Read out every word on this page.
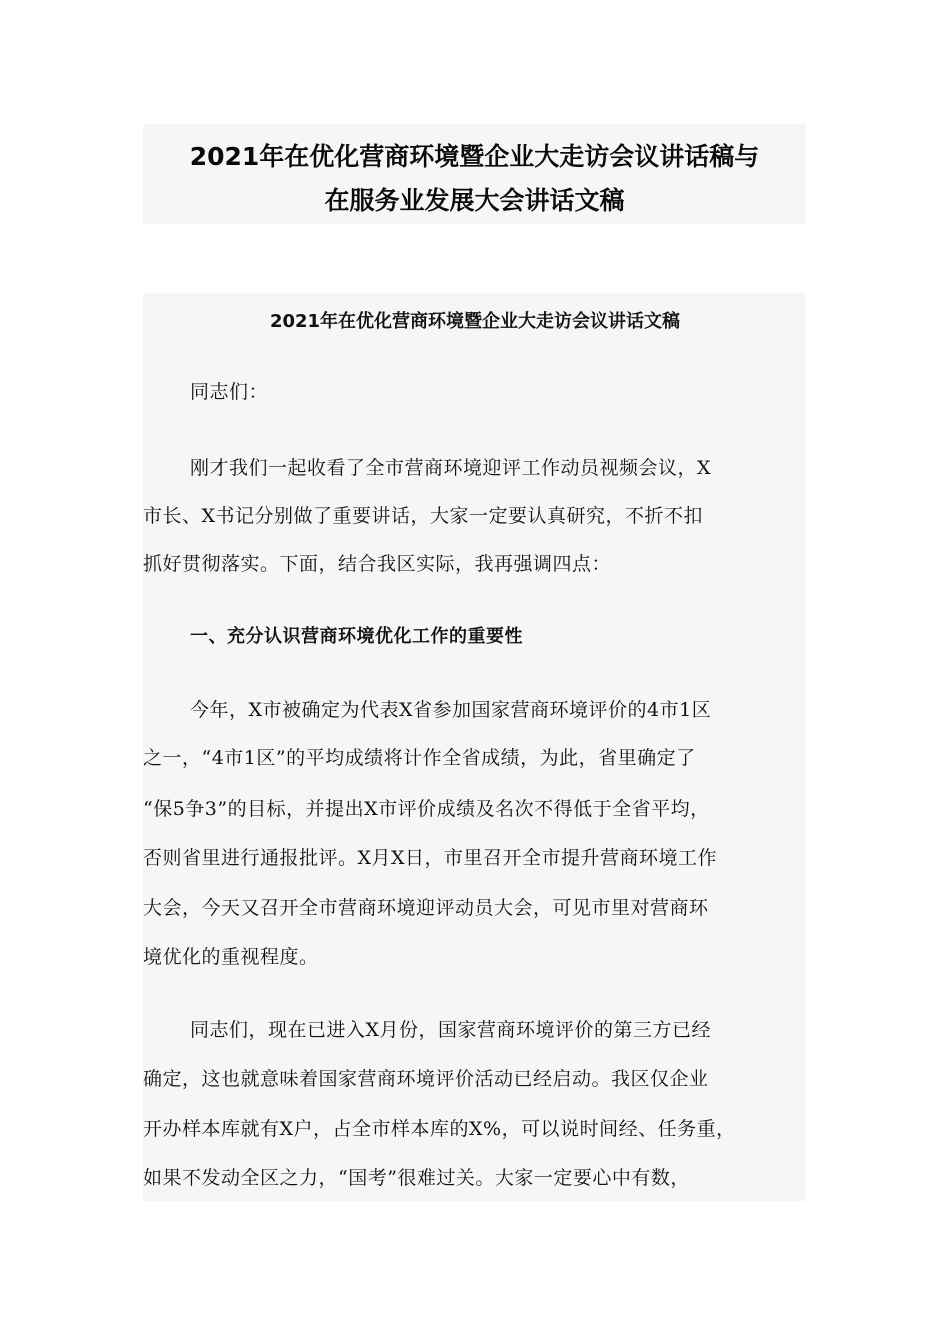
2021年在优化营商环境暨企业大走访会议讲话稿与
在服务业发展大会讲话文稿
2021年在优化营商环境暨企业大走访会议讲话文稿

同志们：

刚才我们一起收看了全市营商环境迎评工作动员视频会议，X

市长、X书记分别做了重要讲话，大家一定要认真研究，不折不扣

抓好贯彻落实。下面，结合我区实际，我再强调四点：

一、充分认识营商环境优化工作的重要性

今年，X市被确定为代表X省参加国家营商环境评价的4市1区

之一，“4市1区”的平均成绩将计作全省成绩，为此，省里确定了

“保5争3”的目标，并提出X市评价成绩及名次不得低于全省平均，

否则省里进行通报批评。X月X日，市里召开全市提升营商环境工作

大会，今天又召开全市营商环境迎评动员大会，可见市里对营商环

境优化的重视程度。

同志们，现在已进入X月份，国家营商环境评价的第三方已经

确定，这也就意味着国家营商环境评价活动已经启动。我区仅企业

开办样本库就有X户，占全市样本库的X%，可以说时间经、任务重，

如果不发动全区之力，“国考”很难过关。大家一定要心中有数，
